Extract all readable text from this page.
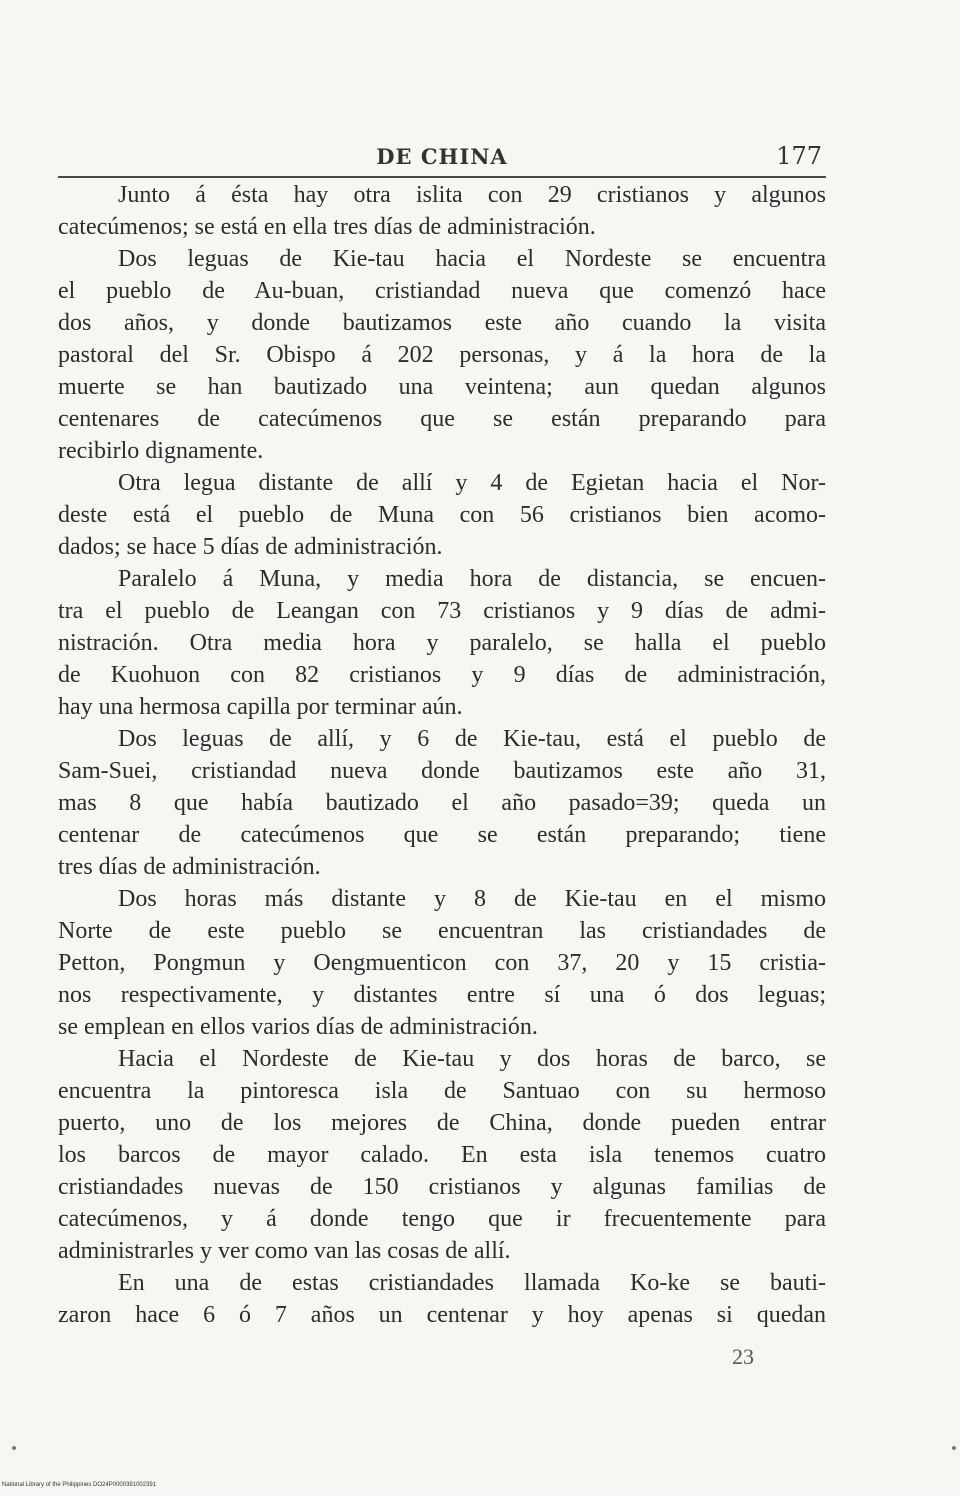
DE CHINA	177
Junto á ésta hay otra islita con 29 cristianos y algunos
catecúmenos; se está en ella tres días de administración.
Dos leguas de Kie-tau hacia el Nordeste se encuentra
el pueblo de Au-buan, cristiandad nueva que comenzó hace
dos años, y donde bautizamos este año cuando la visita
pastoral del Sr. Obispo á 202 personas, y á la hora de la
muerte se han bautizado una veintena; aun quedan algunos
centenares de catecúmenos que se están preparando para
recibirlo dignamente.
Otra legua distante de allí y 4 de Egietan hacia el Nor-
deste está el pueblo de Muna con 56 cristianos bien acomo-
dados; se hace 5 días de administración.
Paralelo á Muna, y media hora de distancia, se encuen-
tra el pueblo de Leangan con 73 cristianos y 9 días de admi-
nistración. Otra media hora y paralelo, se halla el pueblo
de Kuohuon con 82 cristianos y 9 días de administración,
hay una hermosa capilla por terminar aún.
Dos leguas de allí, y 6 de Kie-tau, está el pueblo de
Sam-Suei, cristiandad nueva donde bautizamos este año 31,
mas 8 que había bautizado el año pasado=39; queda un
centenar de catecúmenos que se están preparando; tiene
tres días de administración.
Dos horas más distante y 8 de Kie-tau en el mismo
Norte de este pueblo se encuentran las cristiandades de
Petton, Pongmun y Oengmuenticon con 37, 20 y 15 cristia-
nos respectivamente, y distantes entre sí una ó dos leguas;
se emplean en ellos varios días de administración.
Hacia el Nordeste de Kie-tau y dos horas de barco, se
encuentra la pintoresca isla de Santuao con su hermoso
puerto, uno de los mejores de China, donde pueden entrar
los barcos de mayor calado. En esta isla tenemos cuatro
cristiandades nuevas de 150 cristianos y algunas familias de
catecúmenos, y á donde tengo que ir frecuentemente para
administrarles y ver como van las cosas de allí.
En una de estas cristiandades llamada Ko-ke se bauti-
zaron hace 6 ó 7 años un centenar y hoy apenas si quedan
23
National Library of the Philippines DO24P0000391002391
